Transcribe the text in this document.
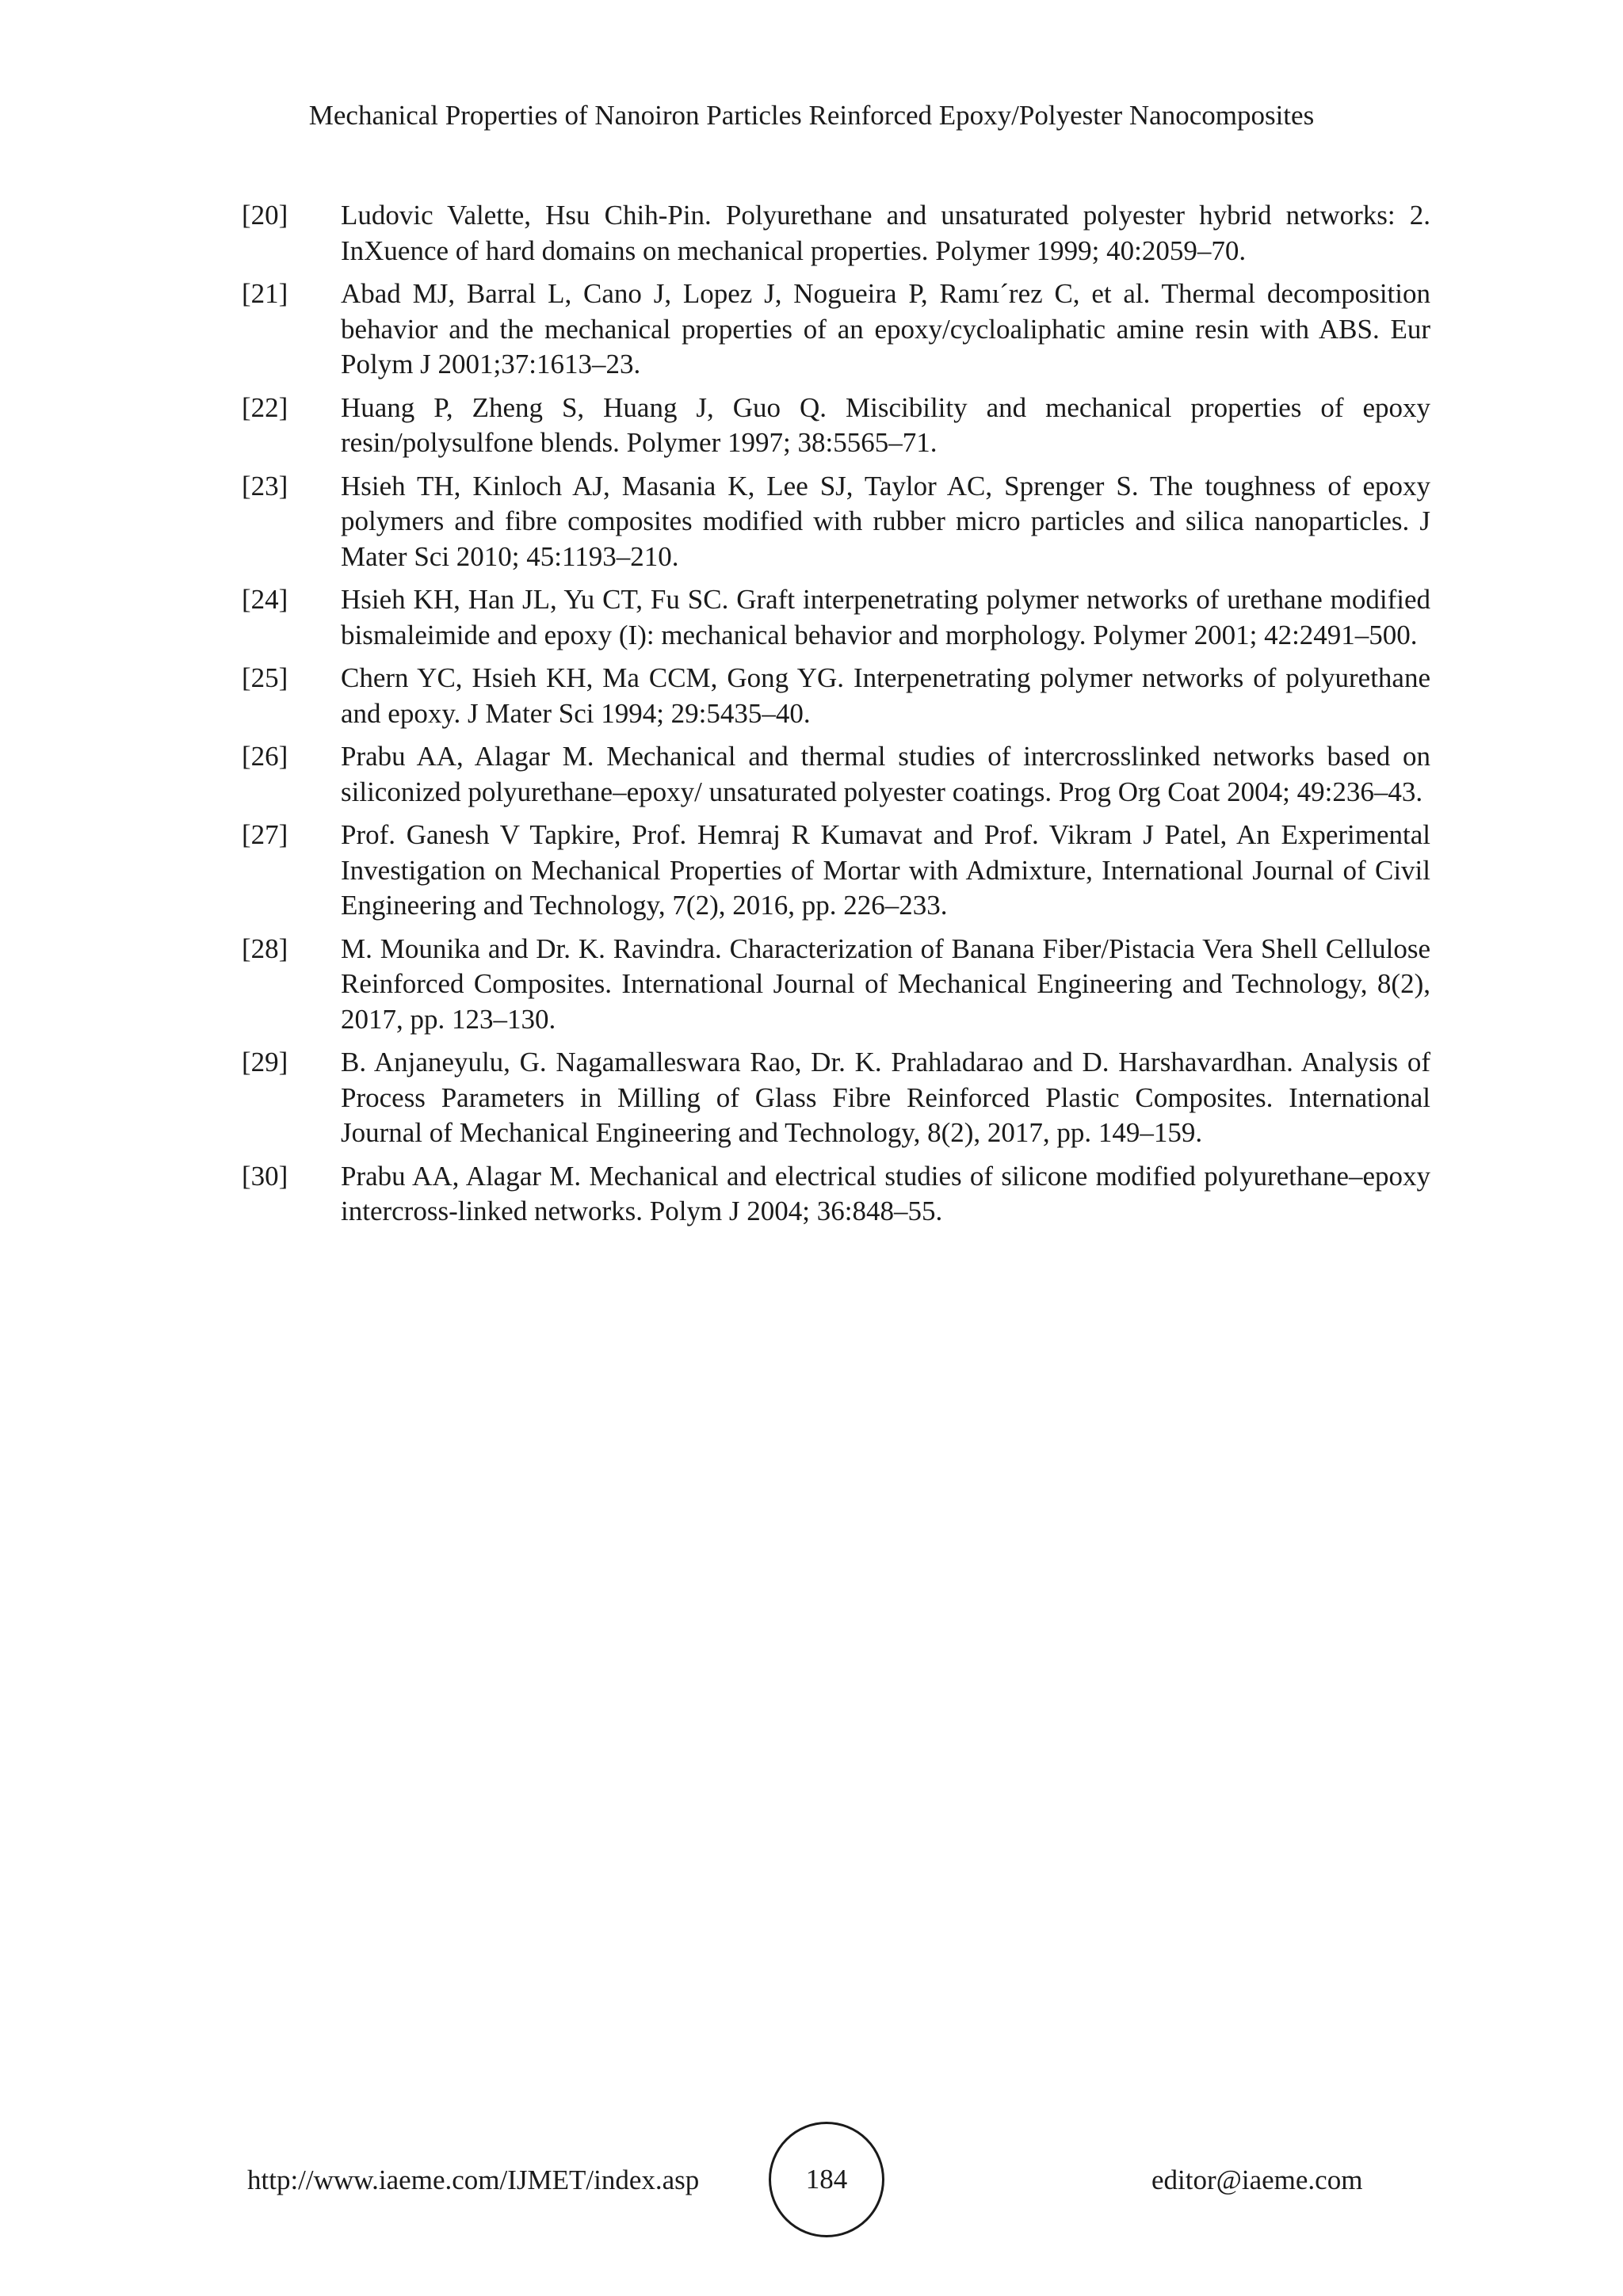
Mechanical Properties of Nanoiron Particles Reinforced Epoxy/Polyester Nanocomposites
[20]	Ludovic Valette, Hsu Chih-Pin. Polyurethane and unsaturated polyester hybrid networks: 2. InXuence of hard domains on mechanical properties. Polymer 1999; 40:2059–70.
[21]	Abad MJ, Barral L, Cano J, Lopez J, Nogueira P, Ramı´rez C, et al. Thermal decomposition behavior and the mechanical properties of an epoxy/cycloaliphatic amine resin with ABS. Eur Polym J 2001;37:1613–23.
[22]	Huang P, Zheng S, Huang J, Guo Q. Miscibility and mechanical properties of epoxy resin/polysulfone blends. Polymer 1997; 38:5565–71.
[23]	Hsieh TH, Kinloch AJ, Masania K, Lee SJ, Taylor AC, Sprenger S. The toughness of epoxy polymers and fibre composites modified with rubber micro particles and silica nanoparticles. J Mater Sci 2010; 45:1193–210.
[24]	Hsieh KH, Han JL, Yu CT, Fu SC. Graft interpenetrating polymer networks of urethane modified bismaleimide and epoxy (I): mechanical behavior and morphology. Polymer 2001; 42:2491–500.
[25]	Chern YC, Hsieh KH, Ma CCM, Gong YG. Interpenetrating polymer networks of polyurethane and epoxy. J Mater Sci 1994; 29:5435–40.
[26]	Prabu AA, Alagar M. Mechanical and thermal studies of intercrosslinked networks based on siliconized polyurethane–epoxy/ unsaturated polyester coatings. Prog Org Coat 2004; 49:236–43.
[27]	Prof. Ganesh V Tapkire, Prof. Hemraj R Kumavat and Prof. Vikram J Patel, An Experimental Investigation on Mechanical Properties of Mortar with Admixture, International Journal of Civil Engineering and Technology, 7(2), 2016, pp. 226–233.
[28]	M. Mounika and Dr. K. Ravindra. Characterization of Banana Fiber/Pistacia Vera Shell Cellulose Reinforced Composites. International Journal of Mechanical Engineering and Technology, 8(2), 2017, pp. 123–130.
[29]	B. Anjaneyulu, G. Nagamalleswara Rao, Dr. K. Prahladarao and D. Harshavardhan. Analysis of Process Parameters in Milling of Glass Fibre Reinforced Plastic Composites. International Journal of Mechanical Engineering and Technology, 8(2), 2017, pp. 149–159.
[30]	Prabu AA, Alagar M. Mechanical and electrical studies of silicone modified polyurethane–epoxy intercross-linked networks. Polym J 2004; 36:848–55.
http://www.iaeme.com/IJMET/index.asp	184	editor@iaeme.com
